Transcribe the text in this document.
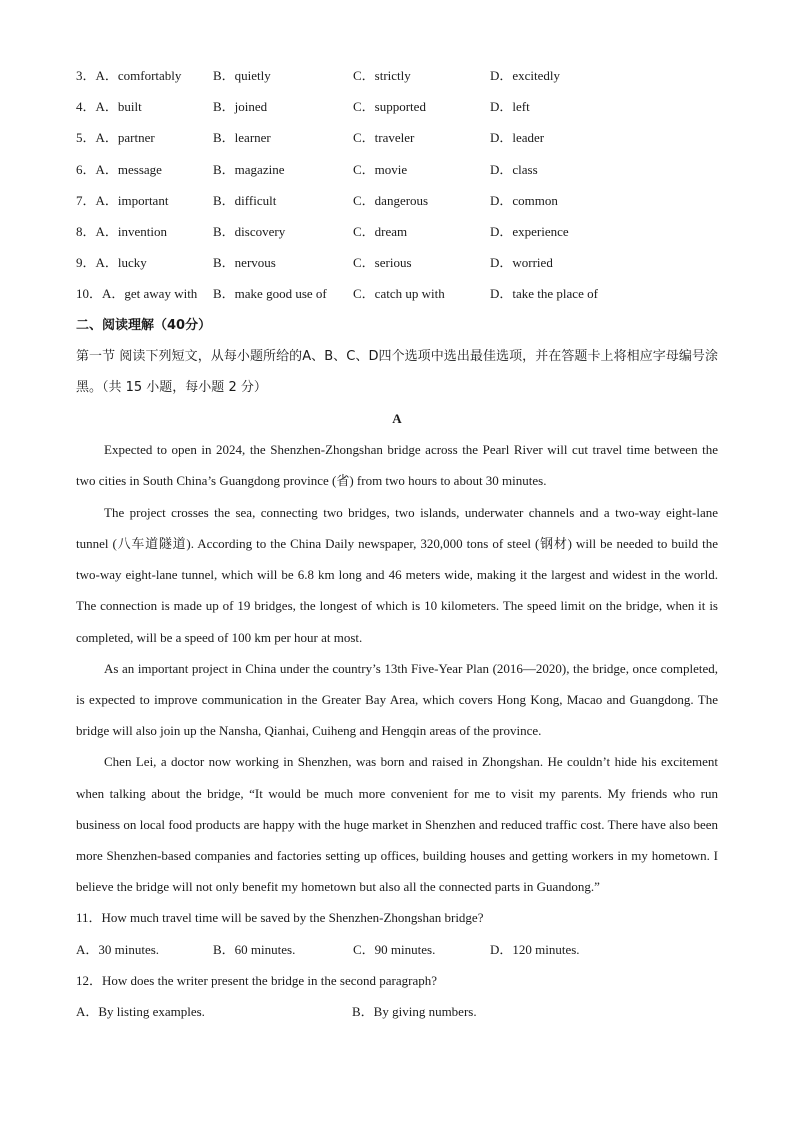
3．A．comfortably B．quietly	C．strictly	D．excitedly
4．A．built	B．joined	C．supported	D．left
5．A．partner	B．learner	C．traveler	D．leader
6．A．message	B．magazine	C．movie	D．class
7．A．important	B．difficult	C．dangerous	D．common
8．A．invention	B．discovery	C．dream	D．experience
9．A．lucky	B．nervous	C．serious	D．worried
10．A．get away with B．make good use of C．catch up with	D．take the place of
二、阅读理解（40分）
第一节 阅读下列短文，从每小题所给的A、B、C、D四个选项中选出最佳选项，并在答题卡上将相应字母编号涂黑。（共 15 小题，每小题 2 分）
A

Expected to open in 2024, the Shenzhen-Zhongshan bridge across the Pearl River will cut travel time between the two cities in South China’s Guangdong province (省) from two hours to about 30 minutes.

The project crosses the sea, connecting two bridges, two islands, underwater channels and a two-way eight-lane tunnel (八车道隧道). According to the China Daily newspaper, 320,000 tons of steel (钢材) will be needed to build the two-way eight-lane tunnel, which will be 6.8 km long and 46 meters wide, making it the largest and widest in the world. The connection is made up of 19 bridges, the longest of which is 10 kilometers. The speed limit on the bridge, when it is completed, will be a speed of 100 km per hour at most.

As an important project in China under the country’s 13th Five-Year Plan (2016—2020), the bridge, once completed, is expected to improve communication in the Greater Bay Area, which covers Hong Kong, Macao and Guangdong. The bridge will also join up the Nansha, Qianhai, Cuiheng and Hengqin areas of the province.

Chen Lei, a doctor now working in Shenzhen, was born and raised in Zhongshan. He couldn’t hide his excitement when talking about the bridge, “It would be much more convenient for me to visit my parents. My friends who run business on local food products are happy with the huge market in Shenzhen and reduced traffic cost. There have also been more Shenzhen-based companies and factories setting up offices, building houses and getting workers in my hometown. I believe the bridge will not only benefit my hometown but also all the connected parts in Guandong.”

11．How much travel time will be saved by the Shenzhen-Zhongshan bridge?
A．30 minutes.	B．60 minutes.	C．90 minutes.	D．120 minutes.
12．How does the writer present the bridge in the second paragraph?
A．By listing examples.	B．By giving numbers.
